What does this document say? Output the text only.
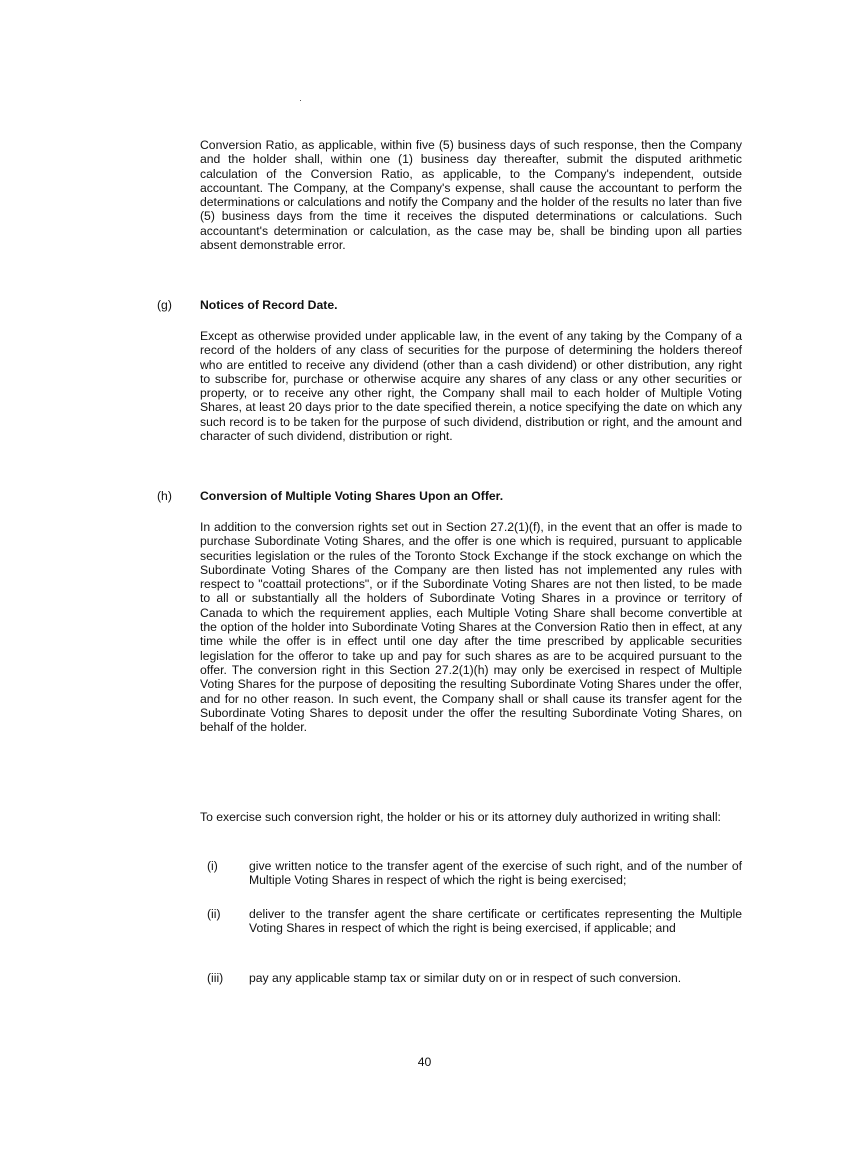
Conversion Ratio, as applicable, within five (5) business days of such response, then the Company and the holder shall, within one (1) business day thereafter, submit the disputed arithmetic calculation of the Conversion Ratio, as applicable, to the Company's independent, outside accountant. The Company, at the Company's expense, shall cause the accountant to perform the determinations or calculations and notify the Company and the holder of the results no later than five (5) business days from the time it receives the disputed determinations or calculations. Such accountant's determination or calculation, as the case may be, shall be binding upon all parties absent demonstrable error.

(g) Notices of Record Date.

Except as otherwise provided under applicable law, in the event of any taking by the Company of a record of the holders of any class of securities for the purpose of determining the holders thereof who are entitled to receive any dividend (other than a cash dividend) or other distribution, any right to subscribe for, purchase or otherwise acquire any shares of any class or any other securities or property, or to receive any other right, the Company shall mail to each holder of Multiple Voting Shares, at least 20 days prior to the date specified therein, a notice specifying the date on which any such record is to be taken for the purpose of such dividend, distribution or right, and the amount and character of such dividend, distribution or right.

(h) Conversion of Multiple Voting Shares Upon an Offer.

In addition to the conversion rights set out in Section 27.2(1)(f), in the event that an offer is made to purchase Subordinate Voting Shares, and the offer is one which is required, pursuant to applicable securities legislation or the rules of the Toronto Stock Exchange if the stock exchange on which the Subordinate Voting Shares of the Company are then listed has not implemented any rules with respect to "coattail protections", or if the Subordinate Voting Shares are not then listed, to be made to all or substantially all the holders of Subordinate Voting Shares in a province or territory of Canada to which the requirement applies, each Multiple Voting Share shall become convertible at the option of the holder into Subordinate Voting Shares at the Conversion Ratio then in effect, at any time while the offer is in effect until one day after the time prescribed by applicable securities legislation for the offeror to take up and pay for such shares as are to be acquired pursuant to the offer. The conversion right in this Section 27.2(1)(h) may only be exercised in respect of Multiple Voting Shares for the purpose of depositing the resulting Subordinate Voting Shares under the offer, and for no other reason. In such event, the Company shall or shall cause its transfer agent for the Subordinate Voting Shares to deposit under the offer the resulting Subordinate Voting Shares, on behalf of the holder.

To exercise such conversion right, the holder or his or its attorney duly authorized in writing shall:

(i)	give written notice to the transfer agent of the exercise of such right, and of the number of Multiple Voting Shares in respect of which the right is being exercised;

(ii) deliver to the transfer agent the share certificate or certificates representing the Multiple Voting Shares in respect of which the right is being exercised, if applicable; and

(iii) pay any applicable stamp tax or similar duty on or in respect of such conversion.

40
